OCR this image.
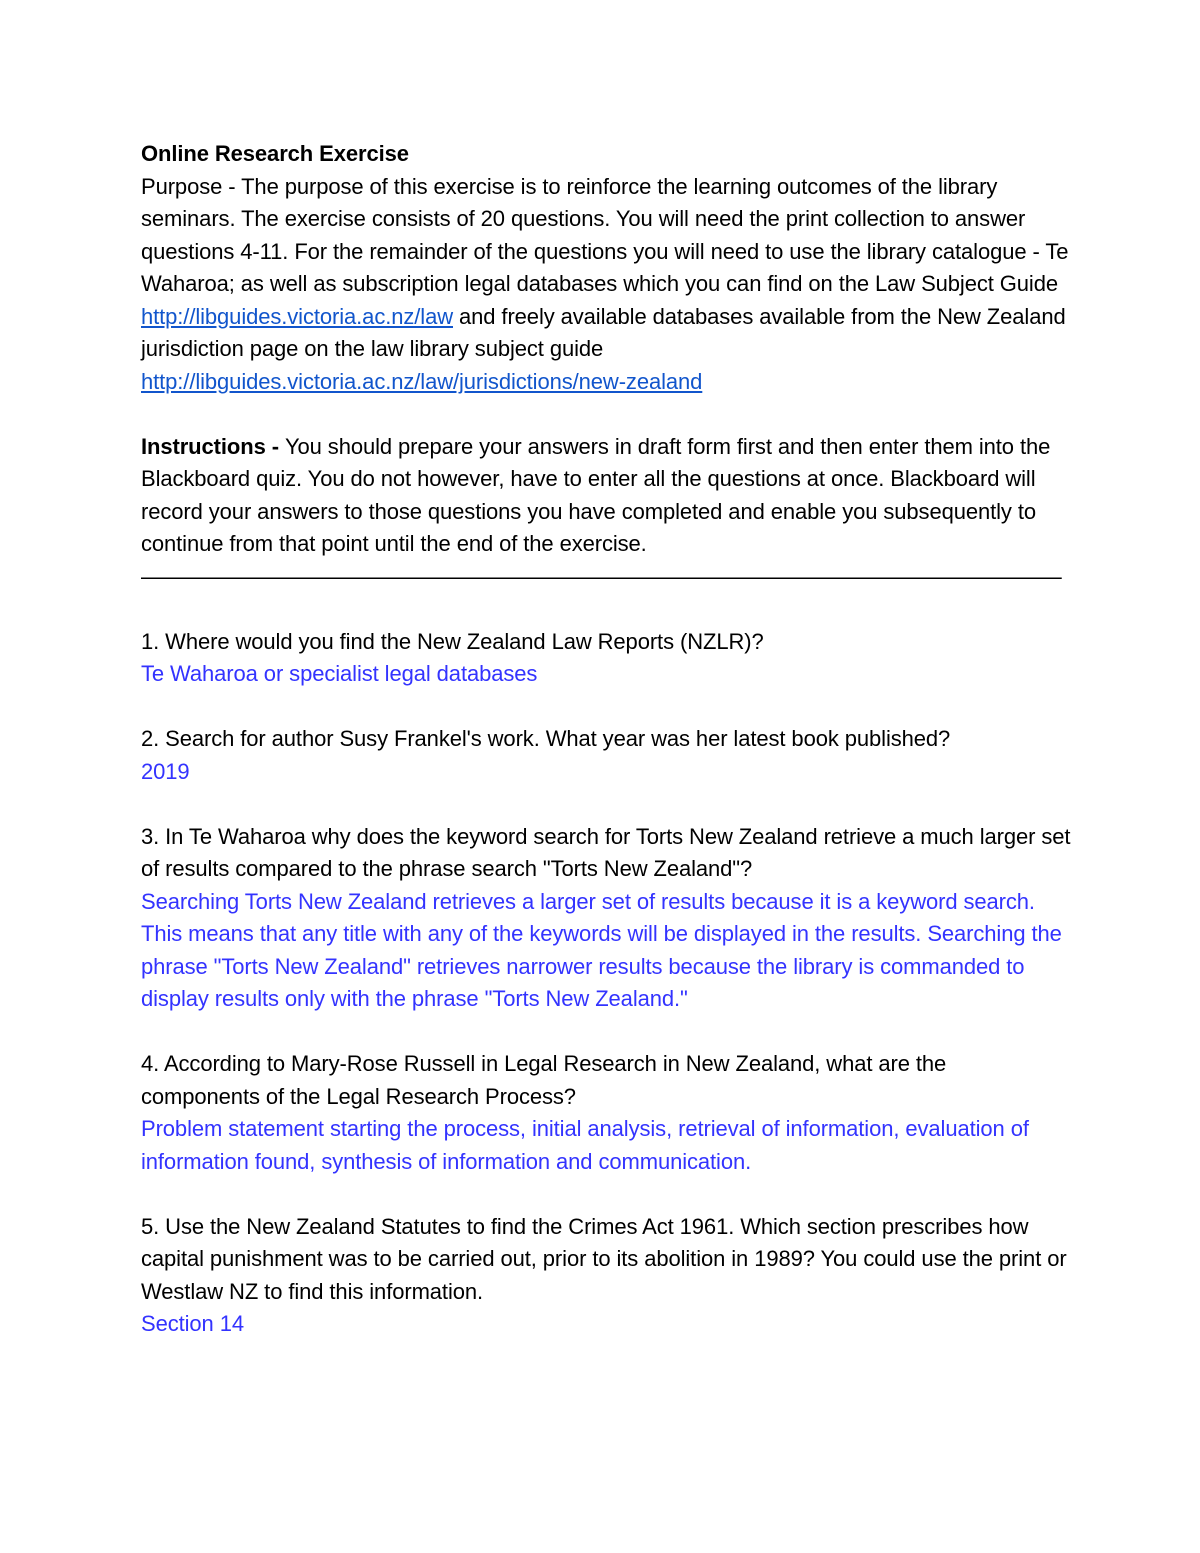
Online Research Exercise

Purpose - The purpose of this exercise is to reinforce the learning outcomes of the library seminars. The exercise consists of 20 questions. You will need the print collection to answer questions 4-11. For the remainder of the questions you will need to use the library catalogue - Te Waharoa; as well as subscription legal databases which you can find on the Law Subject Guide http://libguides.victoria.ac.nz/law and freely available databases available from the New Zealand jurisdiction page on the law library subject guide http://libguides.victoria.ac.nz/law/jurisdictions/new-zealand

Instructions - You should prepare your answers in draft form first and then enter them into the Blackboard quiz. You do not however, have to enter all the questions at once. Blackboard will record your answers to those questions you have completed and enable you subsequently to continue from that point until the end of the exercise.

———————————————————————————————————————————

1. Where would you find the New Zealand Law Reports (NZLR)?

Te Waharoa or specialist legal databases

2. Search for author Susy Frankel's work. What year was her latest book published?

2019

3. In Te Waharoa why does the keyword search for Torts New Zealand retrieve a much larger set of results compared to the phrase search "Torts New Zealand"?

Searching Torts New Zealand retrieves a larger set of results because it is a keyword search. This means that any title with any of the keywords will be displayed in the results. Searching the phrase "Torts New Zealand" retrieves narrower results because the library is commanded to display results only with the phrase "Torts New Zealand."

4. According to Mary-Rose Russell in Legal Research in New Zealand, what are the components of the Legal Research Process?

Problem statement starting the process, initial analysis, retrieval of information, evaluation of information found, synthesis of information and communication.

5. Use the New Zealand Statutes to find the Crimes Act 1961. Which section prescribes how capital punishment was to be carried out, prior to its abolition in 1989? You could use the print or Westlaw NZ to find this information.

Section 14
